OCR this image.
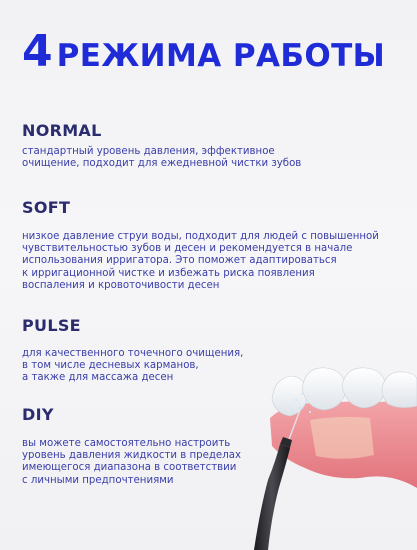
4 РЕЖИМА РАБОТЫ
NORMAL
стандартный уровень давления, эффективное
очищение, подходит для ежедневной чистки зубов
SOFT
низкое давление струи воды, подходит для людей с повышенной
чувствительностью зубов и десен и рекомендуется в начале
использования ирригатора. Это поможет адаптироваться
к ирригационной чистке и избежать риска появления
воспаления и кровоточивости десен
PULSE
для качественного точечного очищения,
в том числе десневых карманов,
а также для массажа десен
DIY
вы можете самостоятельно настроить
уровень давления жидкости в пределах
имеющегося диапазона в соответствии
с личными предпочтениями
